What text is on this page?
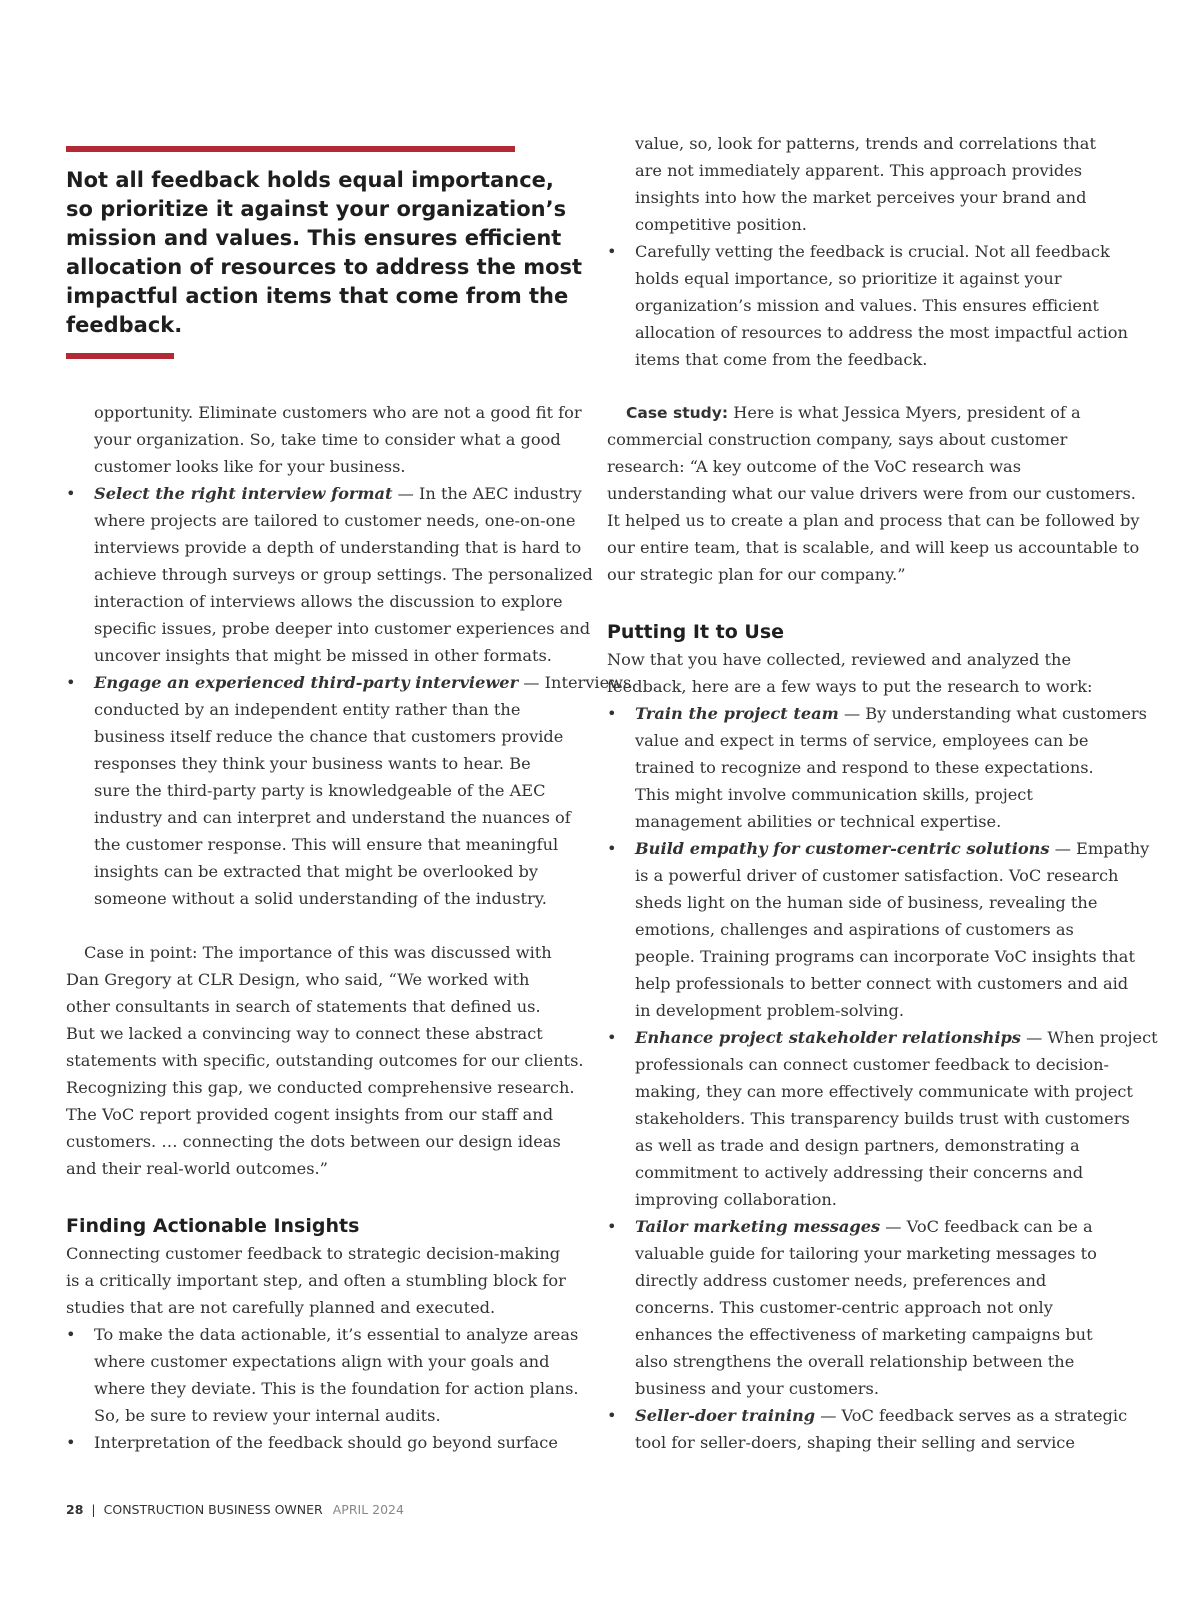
Not all feedback holds equal importance,
so prioritize it against your organization’s
mission and values. This ensures efficient
allocation of resources to address the most
impactful action items that come from the
feedback.
opportunity. Eliminate customers who are not a good fit for
your organization. So, take time to consider what a good
customer looks like for your business.
• Select the right interview format — In the AEC industry
where projects are tailored to customer needs, one-on-one
interviews provide a depth of understanding that is hard to
achieve through surveys or group settings. The personalized
interaction of interviews allows the discussion to explore
specific issues, probe deeper into customer experiences and
uncover insights that might be missed in other formats.
• Engage an experienced third-party interviewer — Interviews
conducted by an independent entity rather than the
business itself reduce the chance that customers provide
responses they think your business wants to hear. Be
sure the third-party party is knowledgeable of the AEC
industry and can interpret and understand the nuances of
the customer response. This will ensure that meaningful
insights can be extracted that might be overlooked by
someone without a solid understanding of the industry.
Case in point: The importance of this was discussed with
Dan Gregory at CLR Design, who said, “We worked with
other consultants in search of statements that defined us.
But we lacked a convincing way to connect these abstract
statements with specific, outstanding outcomes for our clients.
Recognizing this gap, we conducted comprehensive research.
The VoC report provided cogent insights from our staff and
customers. … connecting the dots between our design ideas
and their real-world outcomes.”
Finding Actionable Insights
Connecting customer feedback to strategic decision-making
is a critically important step, and often a stumbling block for
studies that are not carefully planned and executed.
• To make the data actionable, it’s essential to analyze areas
where customer expectations align with your goals and
where they deviate. This is the foundation for action plans.
So, be sure to review your internal audits.
• Interpretation of the feedback should go beyond surface
value, so, look for patterns, trends and correlations that
are not immediately apparent. This approach provides
insights into how the market perceives your brand and
competitive position.
• Carefully vetting the feedback is crucial. Not all feedback
holds equal importance, so prioritize it against your
organization’s mission and values. This ensures efficient
allocation of resources to address the most impactful action
items that come from the feedback.
Case study: Here is what Jessica Myers, president of a
commercial construction company, says about customer
research: “A key outcome of the VoC research was
understanding what our value drivers were from our customers.
It helped us to create a plan and process that can be followed by
our entire team, that is scalable, and will keep us accountable to
our strategic plan for our company.”
Putting It to Use
Now that you have collected, reviewed and analyzed the
feedback, here are a few ways to put the research to work:
• Train the project team — By understanding what customers
value and expect in terms of service, employees can be
trained to recognize and respond to these expectations.
This might involve communication skills, project
management abilities or technical expertise.
• Build empathy for customer-centric solutions — Empathy
is a powerful driver of customer satisfaction. VoC research
sheds light on the human side of business, revealing the
emotions, challenges and aspirations of customers as
people. Training programs can incorporate VoC insights that
help professionals to better connect with customers and aid
in development problem-solving.
• Enhance project stakeholder relationships — When project
professionals can connect customer feedback to decision-
making, they can more effectively communicate with project
stakeholders. This transparency builds trust with customers
as well as trade and design partners, demonstrating a
commitment to actively addressing their concerns and
improving collaboration.
• Tailor marketing messages — VoC feedback can be a
valuable guide for tailoring your marketing messages to
directly address customer needs, preferences and
concerns. This customer-centric approach not only
enhances the effectiveness of marketing campaigns but
also strengthens the overall relationship between the
business and your customers.
• Seller-doer training — VoC feedback serves as a strategic
tool for seller-doers, shaping their selling and service
28 | CONSTRUCTION BUSINESS OWNER APRIL 2024
